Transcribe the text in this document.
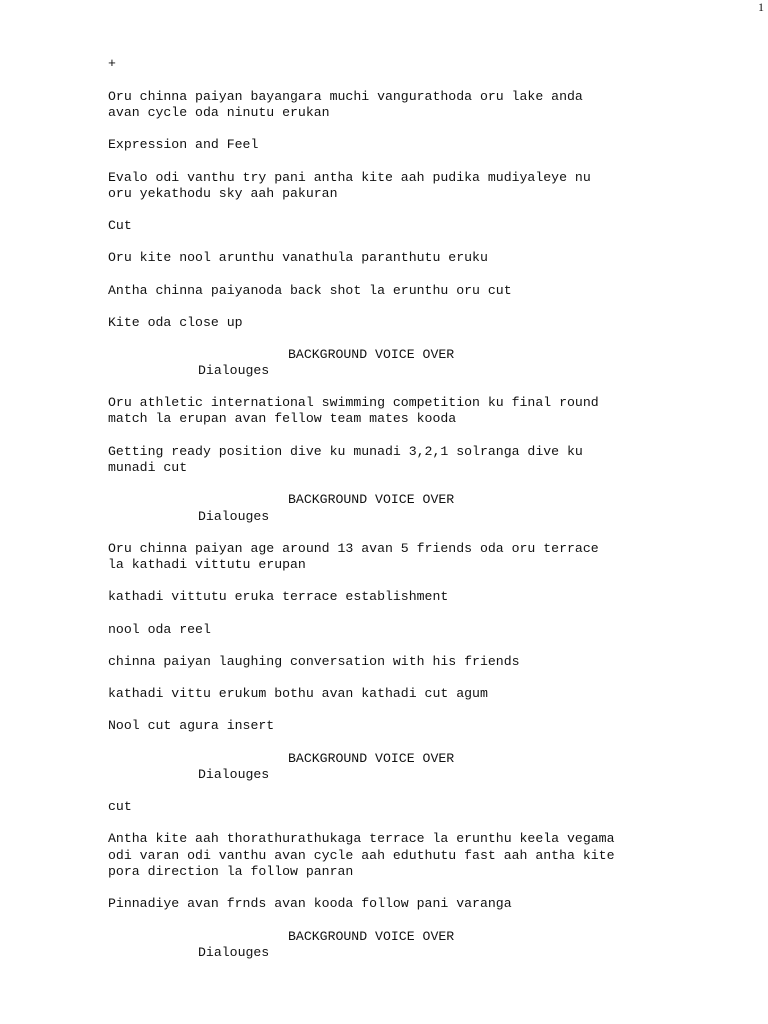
1

+

Oru chinna paiyan bayangara muchi vangurathoda oru lake anda

avan cycle oda ninutu erukan

Expression and Feel

Evalo odi vanthu try pani antha kite aah pudika mudiyaleye nu

oru yekathodu sky aah pakuran

Cut

Oru kite nool arunthu vanathula paranthutu eruku

Antha chinna paiyanoda back shot la erunthu oru cut

Kite oda close up

BACKGROUND VOICE OVER

Dialouges

Oru athletic international swimming competition ku final round

match la erupan avan fellow team mates kooda

Getting ready position dive ku munadi 3,2,1 solranga dive ku

munadi cut

BACKGROUND VOICE OVER

Dialouges

Oru chinna paiyan age around 13 avan 5 friends oda oru terrace

la kathadi vittutu erupan

kathadi vittutu eruka terrace establishment

nool oda reel

chinna paiyan laughing conversation with his friends

kathadi vittu erukum bothu avan kathadi cut agum

Nool cut agura insert

BACKGROUND VOICE OVER

Dialouges

cut

Antha kite aah thorathurathukaga terrace la erunthu keela vegama

odi varan odi vanthu avan cycle aah eduthutu fast aah antha kite

pora direction la follow panran

Pinnadiye avan frnds avan kooda follow pani varanga

BACKGROUND VOICE OVER

Dialouges
